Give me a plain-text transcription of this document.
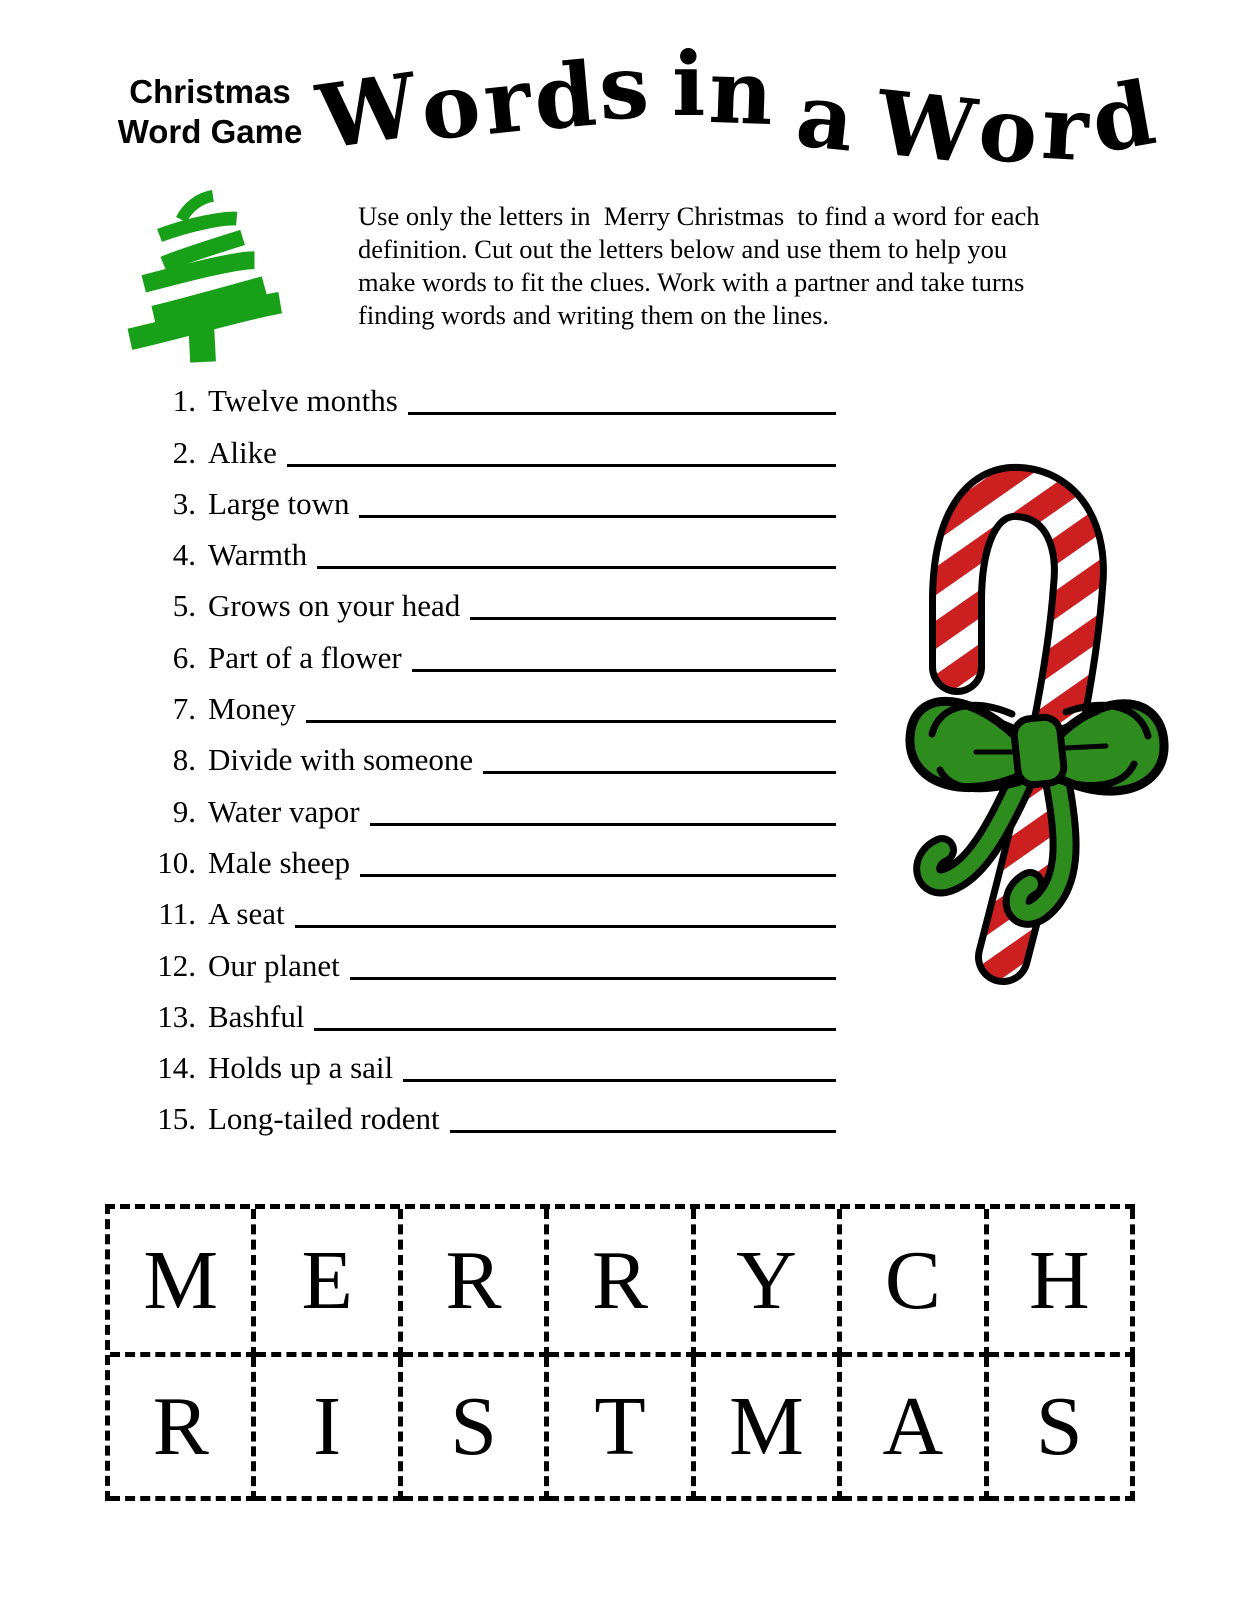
Christmas
Word Game W
o
r
d
s i n a W
o
r
d
Use only the letters in  Merry Christmas  to find a word for each
definition. Cut out the letters below and use them to help you
make words to fit the clues. Work with a partner and take turns
finding words and writing them on the lines.
1. Twelve months
2. Alike
3. Large town
4. Warmth
5. Grows on your head
6. Part of a flower
7. Money
8. Divide with someone
9. Water vapor
10. Male sheep
11. A seat
12. Our planet
13. Bashful
14. Holds up a sail
15. Long-tailed rodent
M E R R Y C H
R I S T M A S
